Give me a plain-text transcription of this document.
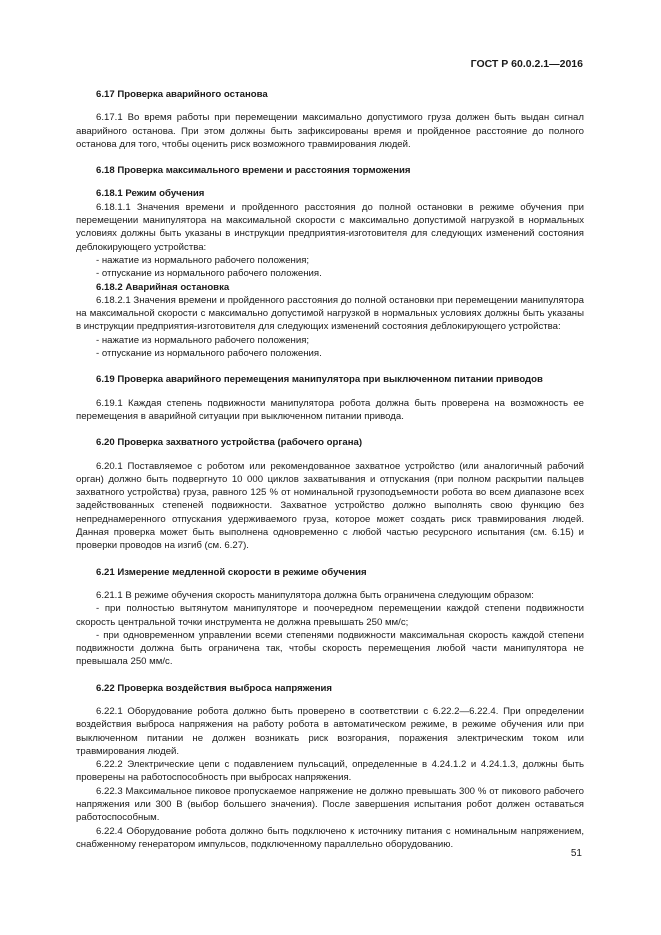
ГОСТ Р 60.0.2.1—2016

6.17 Проверка аварийного останова

6.17.1 Во время работы при перемещении максимально допустимого груза должен быть выдан сигнал аварийного останова. При этом должны быть зафиксированы время и пройденное расстояние до полного останова для того, чтобы оценить риск возможного травмирования людей.

6.18 Проверка максимального времени и расстояния торможения

6.18.1 Режим обучения

6.18.1.1 Значения времени и пройденного расстояния до полной остановки в режиме обучения при перемещении манипулятора на максимальной скорости с максимально допустимой нагрузкой в нормальных условиях должны быть указаны в инструкции предприятия-изготовителя для следующих изменений состояния деблокирующего устройства:

- нажатие из нормального рабочего положения;

- отпускание из нормального рабочего положения.

6.18.2 Аварийная остановка

6.18.2.1 Значения времени и пройденного расстояния до полной остановки при перемещении манипулятора на максимальной скорости с максимально допустимой нагрузкой в нормальных условиях должны быть указаны в инструкции предприятия-изготовителя для следующих изменений состояния деблокирующего устройства:

- нажатие из нормального рабочего положения;

- отпускание из нормального рабочего положения.

6.19 Проверка аварийного перемещения манипулятора при выключенном питании приводов

6.19.1 Каждая степень подвижности манипулятора робота должна быть проверена на возможность ее перемещения в аварийной ситуации при выключенном питании привода.

6.20 Проверка захватного устройства (рабочего органа)

6.20.1 Поставляемое с роботом или рекомендованное захватное устройство (или аналогичный рабочий орган) должно быть подвергнуто 10 000 циклов захватывания и отпускания (при полном раскрытии пальцев захватного устройства) груза, равного 125 % от номинальной грузоподъемности робота во всем диапазоне всех задействованных степеней подвижности. Захватное устройство должно выполнять свою функцию без непреднамеренного отпускания удерживаемого груза, которое может создать риск травмирования людей. Данная проверка может быть выполнена одновременно с любой частью ресурсного испытания (см. 6.15) и проверки проводов на изгиб (см. 6.27).

6.21 Измерение медленной скорости в режиме обучения

6.21.1 В режиме обучения скорость манипулятора должна быть ограничена следующим образом:

- при полностью вытянутом манипуляторе и поочередном перемещении каждой степени подвижности скорость центральной точки инструмента не должна превышать 250 мм/с;

- при одновременном управлении всеми степенями подвижности максимальная скорость каждой степени подвижности должна быть ограничена так, чтобы скорость перемещения любой части манипулятора не превышала 250 мм/с.

6.22 Проверка воздействия выброса напряжения

6.22.1 Оборудование робота должно быть проверено в соответствии с 6.22.2—6.22.4. При определении воздействия выброса напряжения на работу робота в автоматическом режиме, в режиме обучения или при выключенном питании не должен возникать риск возгорания, поражения электрическим током или травмирования людей.

6.22.2 Электрические цепи с подавлением пульсаций, определенные в 4.24.1.2 и 4.24.1.3, должны быть проверены на работоспособность при выбросах напряжения.

6.22.3 Максимальное пиковое пропускаемое напряжение не должно превышать 300 % от пикового рабочего напряжения или 300 В (выбор большего значения). После завершения испытания робот должен оставаться работоспособным.

6.22.4 Оборудование робота должно быть подключено к источнику питания с номинальным напряжением, снабженному генератором импульсов, подключенному параллельно оборудованию.

51
